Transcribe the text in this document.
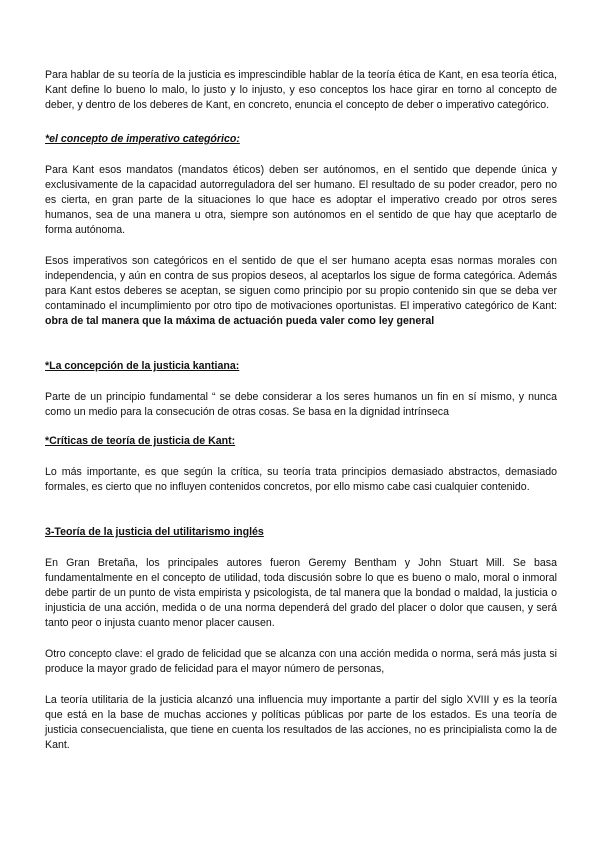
Para hablar de su teoría de la justicia es imprescindible hablar de la teoría ética de Kant, en esa teoría ética, Kant define lo bueno lo malo, lo justo y lo injusto, y eso conceptos los hace girar en torno al concepto de deber, y dentro de los deberes de Kant, en concreto, enuncia el concepto de deber o imperativo categórico.

*el concepto de imperativo categórico:

Para Kant esos mandatos (mandatos éticos) deben ser autónomos, en el sentido que depende única y exclusivamente de la capacidad autorreguladora del ser humano. El resultado de su poder creador, pero no es cierta, en gran parte de la situaciones lo que hace es adoptar el imperativo creado por otros seres humanos, sea de una manera u otra, siempre son autónomos en el sentido de que hay que aceptarlo de forma autónoma.

Esos imperativos son categóricos en el sentido de que el ser humano acepta esas normas morales con independencia, y aún en contra de sus propios deseos, al aceptarlos los sigue de forma categórica. Además para Kant estos deberes se aceptan, se siguen como principio por su propio contenido sin que se deba ver contaminado el incumplimiento por otro tipo de motivaciones oportunistas. El imperativo categórico de Kant: obra de tal manera que la máxima de actuación pueda valer como ley general

*La concepción de la justicia kantiana:

Parte de un principio fundamental “ se debe considerar a los seres humanos un fin en sí mismo, y nunca como un medio para la consecución de otras cosas. Se basa en la dignidad intrínseca

*Críticas de teoría de justicia de Kant:

Lo más importante, es que según la crítica, su teoría trata principios demasiado abstractos, demasiado formales, es cierto que no influyen contenidos concretos, por ello mismo cabe casi cualquier contenido.

3-Teoría de la justicia del utilitarismo inglés

En Gran Bretaña, los principales autores fueron Geremy Bentham y John Stuart Mill. Se basa fundamentalmente en el concepto de utilidad, toda discusión sobre lo que es bueno o malo, moral o inmoral debe partir de un punto de vista empirista y psicologista, de tal manera que la bondad o maldad, la justicia o injusticia de una acción, medida o de una norma dependerá del grado del placer o dolor que causen, y será tanto peor o injusta cuanto menor placer causen.

Otro concepto clave: el grado de felicidad que se alcanza con una acción medida o norma, será más justa si produce la mayor grado de felicidad para el mayor número de personas,

La teoría utilitaria de la justicia alcanzó una influencia muy importante a partir del siglo XVIII y es la teoría que está en la base de muchas acciones y políticas públicas por parte de los estados. Es una teoría de justicia consecuencialista, que tiene en cuenta los resultados de las acciones, no es principialista como la de Kant.
